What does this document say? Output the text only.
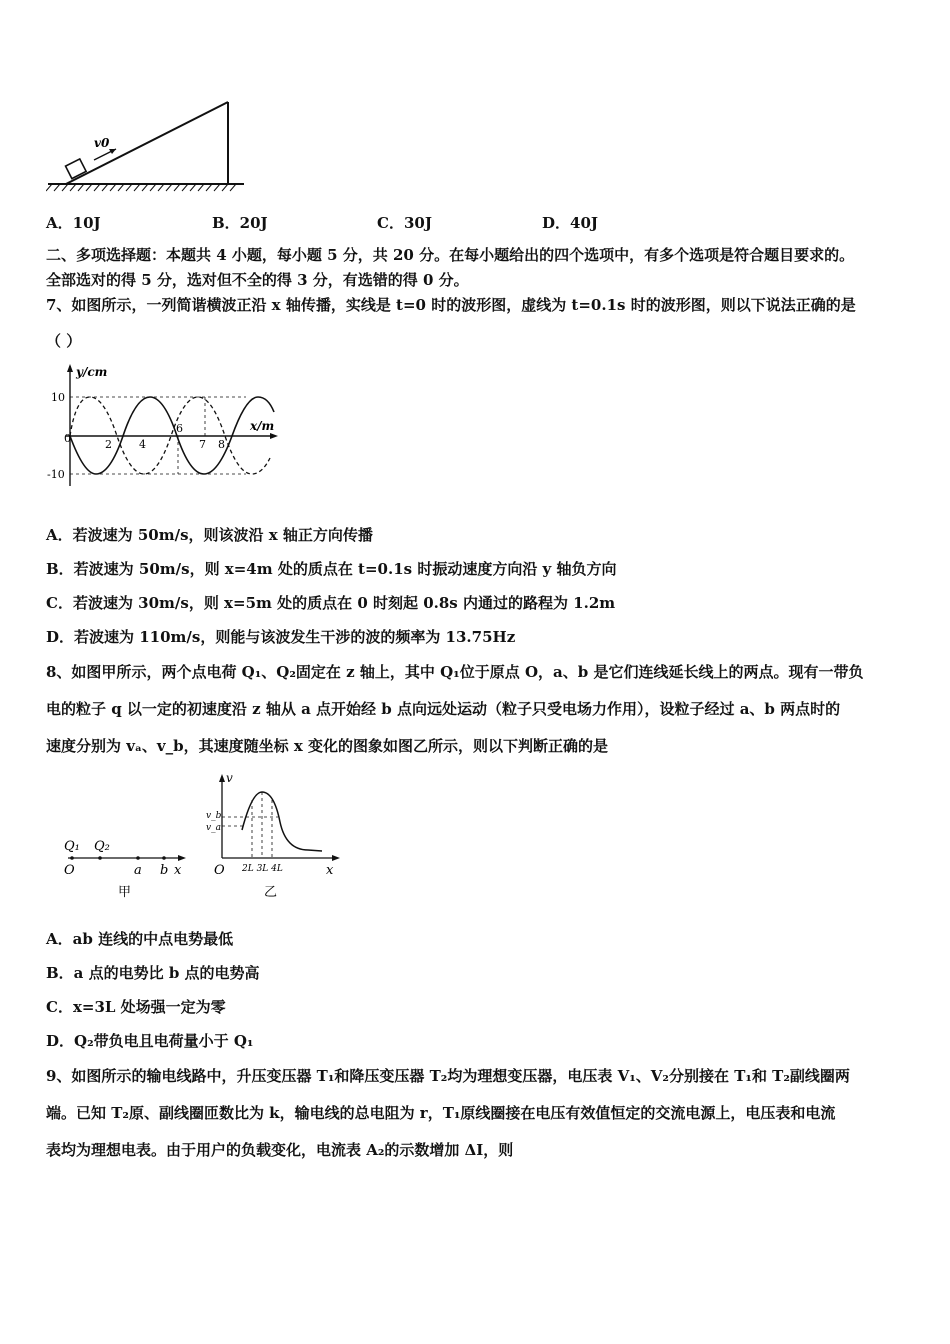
v0
A．10J	B．20J	C．30J	D．40J
二、多项选择题：本题共 4 小题，每小题 5 分，共 20 分。在每小题给出的四个选项中，有多个选项是符合题目要求的。
全部选对的得 5 分，选对但不全的得 3 分，有选错的得 0 分。
7、如图所示，一列简谐横波正沿 x 轴传播，实线是 t=0 时的波形图，虚线为 t=0.1s 时的波形图，则以下说法正确的是
（ ）
y/cm
x/m
10
-10
0	2 4
6
7 8
A．若波速为 50m/s，则该波沿 x 轴正方向传播
B．若波速为 50m/s，则 x=4m 处的质点在 t=0.1s 时振动速度方向沿 y 轴负方向
C．若波速为 30m/s，则 x=5m 处的质点在 0 时刻起 0.8s 内通过的路程为 1.2m
D．若波速为 110m/s，则能与该波发生干涉的波的频率为 13.75Hz
8、如图甲所示，两个点电荷 Q₁、Q₂固定在 z 轴上，其中 Q₁位于原点 O，a、b 是它们连线延长线上的两点。现有一带负
电的粒子 q 以一定的初速度沿 z 轴从 a 点开始经 b 点向远处运动（粒子只受电场力作用），设粒子经过 a、b 两点时的
速度分别为 vₐ、v_b，其速度随坐标 x 变化的图象如图乙所示，则以下判断正确的是
Q₁ Q₂
O	a b x
甲
v
v_b
v_a
O 2L 3L 4L	x
乙
A．ab 连线的中点电势最低
B．a 点的电势比 b 点的电势高
C．x=3L 处场强一定为零
D．Q₂带负电且电荷量小于 Q₁
9、如图所示的输电线路中，升压变压器 T₁和降压变压器 T₂均为理想变压器，电压表 V₁、V₂分别接在 T₁和 T₂副线圈两
端。已知 T₂原、副线圈匝数比为 k，输电线的总电阻为 r，T₁原线圈接在电压有效值恒定的交流电源上，电压表和电流
表均为理想电表。由于用户的负载变化，电流表 A₂的示数增加 ΔI，则
